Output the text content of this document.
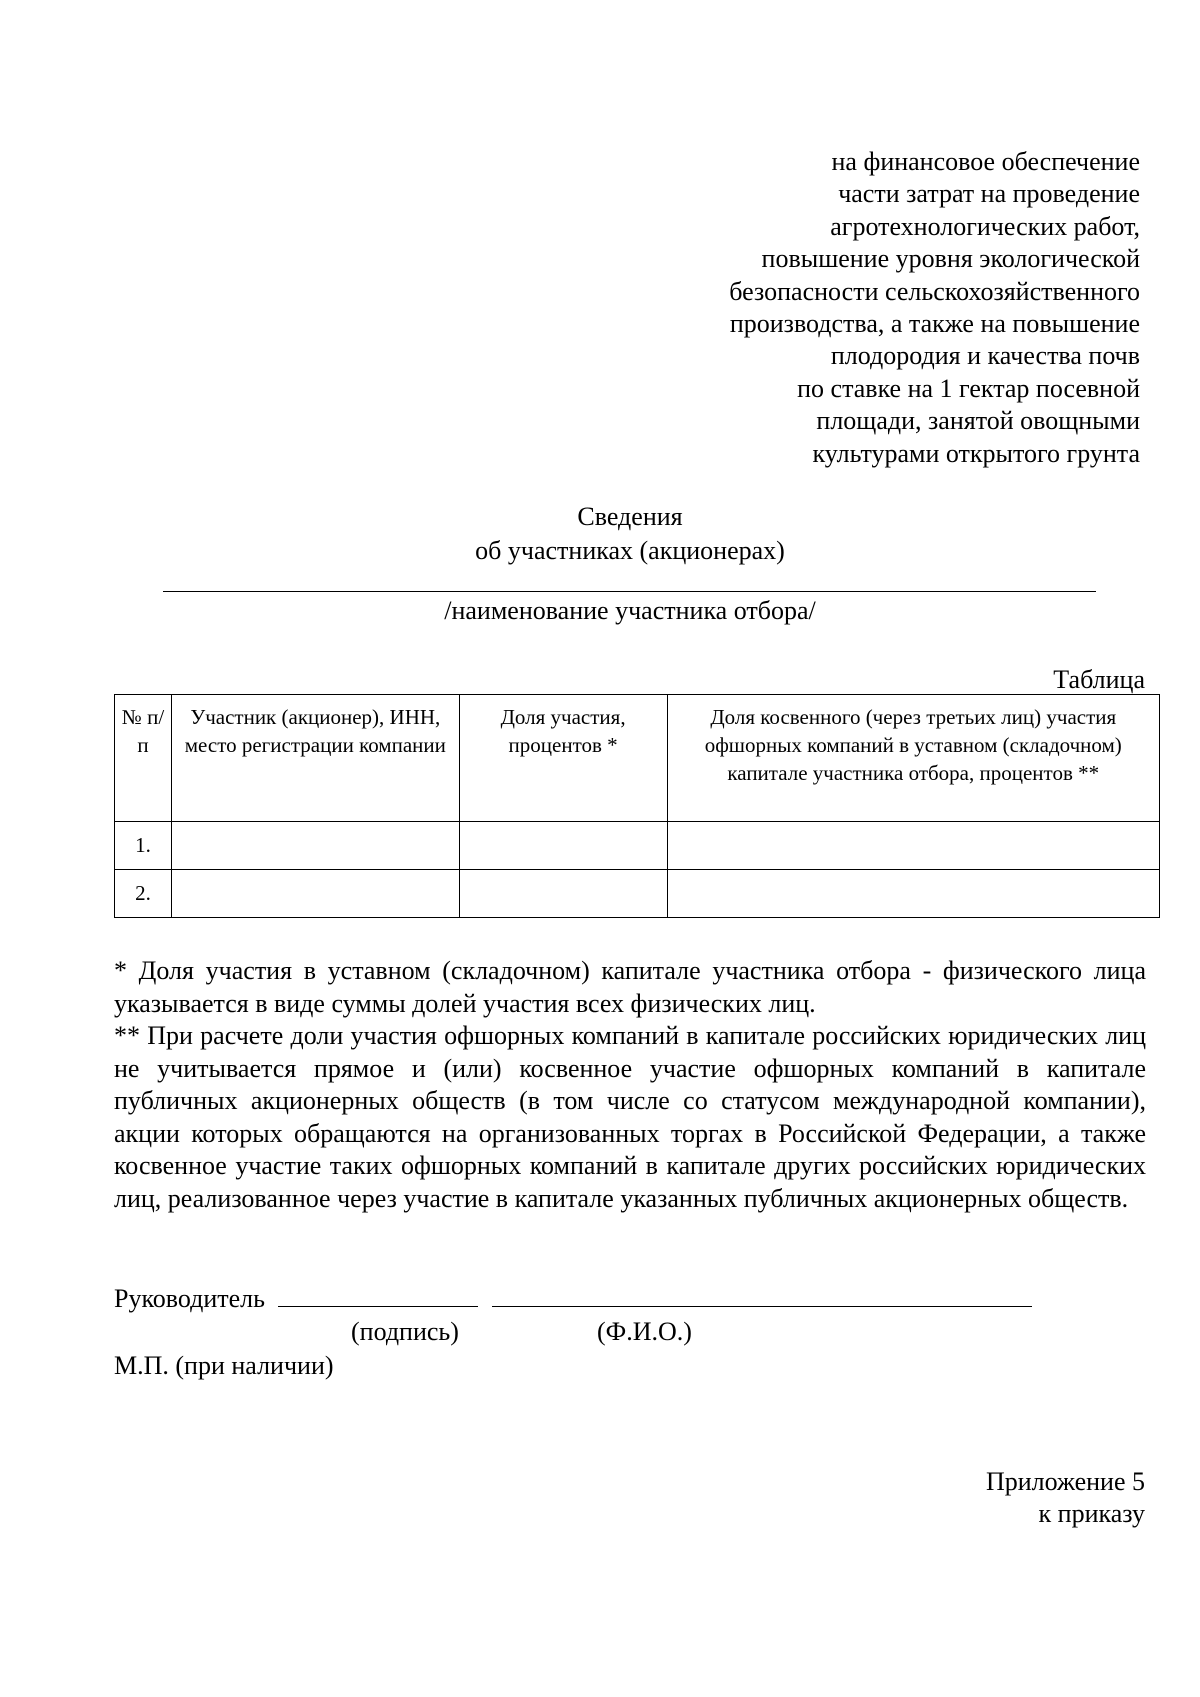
на финансовое обеспечение
части затрат на проведение
агротехнологических работ,
повышение уровня экологической
безопасности сельскохозяйственного
производства, а также на повышение
плодородия и качества почв
по ставке на 1 гектар посевной
площади, занятой овощными
культурами открытого грунта
Сведения
об участниках (акционерах)
/наименование участника отбора/
Таблица
№ п/п	Участник (акционер), ИНН, место регистрации компании	Доля участия, процентов *	Доля косвенного (через третьих лиц) участия офшорных компаний в уставном (складочном) капитале участника отбора, процентов **
1.			
2.			

* Доля участия в уставном (складочном) капитале участника отбора - физического лица указывается в виде суммы долей участия всех физических лиц.

** При расчете доли участия офшорных компаний в капитале российских юридических лиц не учитывается прямое и (или) косвенное участие офшорных компаний в капитале публичных акционерных обществ (в том числе со статусом международной компании), акции которых обращаются на организованных торгах в Российской Федерации, а также косвенное участие таких офшорных компаний в капитале других российских юридических лиц, реализованное через участие в капитале указанных публичных акционерных обществ.

Руководитель
(подпись)	(Ф.И.О.)
М.П. (при наличии)
Приложение 5
к приказу
